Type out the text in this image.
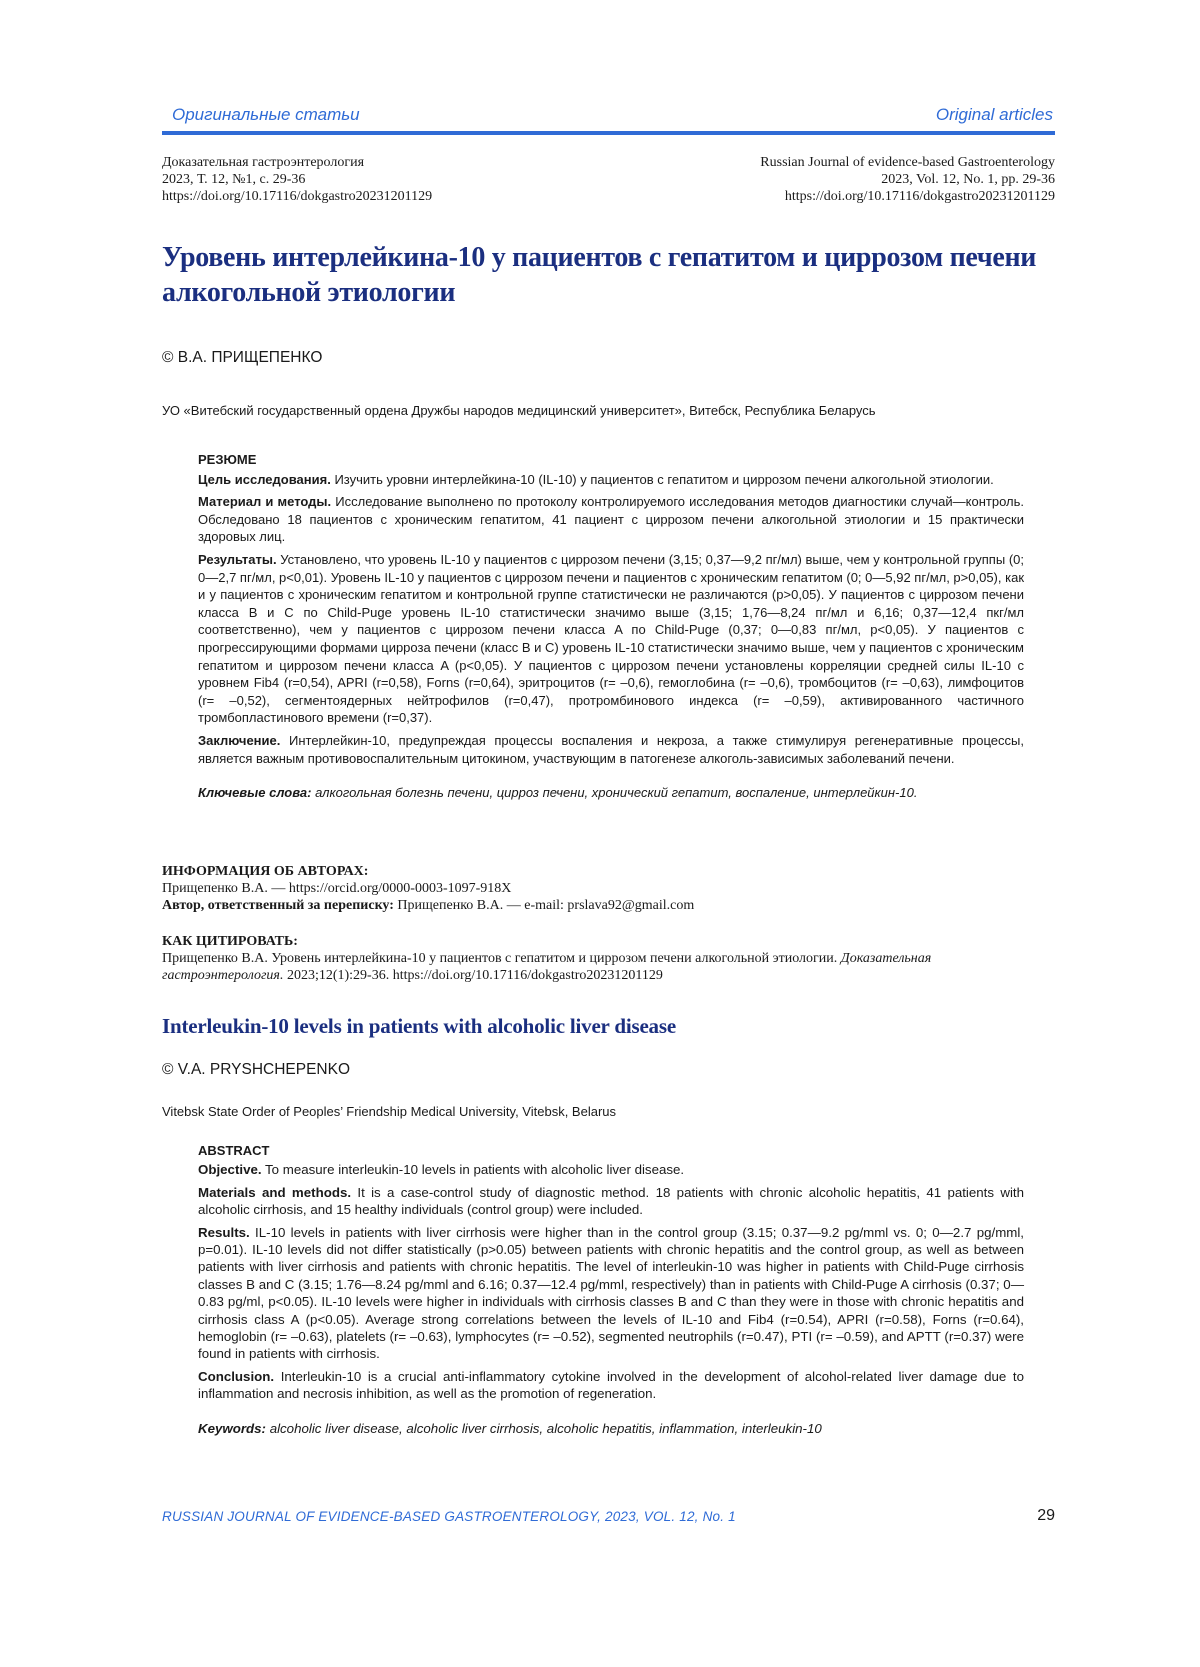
Оригинальные статьи	Original articles
Доказательная гастроэнтерология
2023, Т. 12, №1, с. 29-36
https://doi.org/10.17116/dokgastro20231201129
Russian Journal of evidence-based Gastroenterology
2023, Vol. 12, No. 1, pp. 29-36
https://doi.org/10.17116/dokgastro20231201129
Уровень интерлейкина-10 у пациентов с гепатитом и циррозом печени
алкогольной этиологии
© В.А. ПРИЩЕПЕНКО
УО «Витебский государственный ордена Дружбы народов медицинский университет», Витебск, Республика Беларусь
РЕЗЮМЕ

Цель исследования. Изучить уровни интерлейкина-10 (IL-10) у пациентов с гепатитом и циррозом печени алкогольной этиологии.

Материал и методы. Исследование выполнено по протоколу контролируемого исследования методов диагностики случай—контроль. Обследовано 18 пациентов с хроническим гепатитом, 41 пациент с циррозом печени алкогольной этиологии и 15 практически здоровых лиц.

Результаты. Установлено, что уровень IL-10 у пациентов с циррозом печени (3,15; 0,37—9,2 пг/мл) выше, чем у контрольной группы (0; 0—2,7 пг/мл, p<0,01). Уровень IL-10 у пациентов с циррозом печени и пациентов с хроническим гепатитом (0; 0—5,92 пг/мл, p>0,05), как и у пациентов с хроническим гепатитом и контрольной группе статистически не различаются (p>0,05). У пациентов с циррозом печени класса B и C по Child-Puge уровень IL-10 статистически значимо выше (3,15; 1,76—8,24 пг/мл и 6,16; 0,37—12,4 пкг/мл соответственно), чем у пациентов с циррозом печени класса A по Child-Puge (0,37; 0—0,83 пг/мл, p<0,05). У пациентов с прогрессирующими формами цирроза печени (класс B и C) уровень IL-10 статистически значимо выше, чем у пациентов с хроническим гепатитом и циррозом печени класса A (p<0,05). У пациентов с циррозом печени установлены корреляции средней силы IL-10 с уровнем Fib4 (r=0,54), APRI (r=0,58), Forns (r=0,64), эритроцитов (r= –0,6), гемоглобина (r= –0,6), тромбоцитов (r= –0,63), лимфоцитов (r= –0,52), сегментоядерных нейтрофилов (r=0,47), протромбинового индекса (r= –0,59), активированного частичного тромбопластинового времени (r=0,37).

Заключение. Интерлейкин-10, предупреждая процессы воспаления и некроза, а также стимулируя регенеративные процессы, является важным противовоспалительным цитокином, участвующим в патогенезе алкоголь-зависимых заболеваний печени.

Ключевые слова: алкогольная болезнь печени, цирроз печени, хронический гепатит, воспаление, интерлейкин-10.
ИНФОРМАЦИЯ ОБ АВТОРАХ:
Прищепенко В.А. — https://orcid.org/0000-0003-1097-918X
Автор, ответственный за переписку: Прищепенко В.А. — e-mail: prslava92@gmail.com
КАК ЦИТИРОВАТЬ:
Прищепенко В.А. Уровень интерлейкина-10 у пациентов с гепатитом и циррозом печени алкогольной этиологии. Доказательная гастроэнтерология. 2023;12(1):29‑36. https://doi.org/10.17116/dokgastro20231201129
Interleukin-10 levels in patients with alcoholic liver disease
© V.A. PRYSHCHEPENKO
Vitebsk State Order of Peoples’ Friendship Medical University, Vitebsk, Belarus
ABSTRACT

Objective. To measure interleukin-10 levels in patients with alcoholic liver disease.

Materials and methods. It is a case-control study of diagnostic method. 18 patients with chronic alcoholic hepatitis, 41 patients with alcoholic cirrhosis, and 15 healthy individuals (control group) were included.

Results. IL-10 levels in patients with liver cirrhosis were higher than in the control group (3.15; 0.37—9.2 pg/mml vs. 0; 0—2.7 pg/mml, p=0.01). IL-10 levels did not differ statistically (p>0.05) between patients with chronic hepatitis and the control group, as well as between patients with liver cirrhosis and patients with chronic hepatitis. The level of interleukin-10 was higher in patients with Child-Puge cirrhosis classes B and C (3.15; 1.76—8.24 pg/mml and 6.16; 0.37—12.4 pg/mml, respectively) than in patients with Child-Puge A cirrhosis (0.37; 0—0.83 pg/ml, p<0.05). IL-10 levels were higher in individuals with cirrhosis classes B and C than they were in those with chronic hepatitis and cirrhosis class A (p<0.05). Average strong correlations between the levels of IL-10 and Fib4 (r=0.54), APRI (r=0.58), Forns (r=0.64), hemoglobin (r= –0.63), platelets (r= –0.63), lymphocytes (r= –0.52), segmented neutrophils (r=0.47), PTI (r= –0.59), and APTT (r=0.37) were found in patients with cirrhosis.

Conclusion. Interleukin-10 is a crucial anti-inflammatory cytokine involved in the development of alcohol-related liver damage due to inflammation and necrosis inhibition, as well as the promotion of regeneration.

Keywords: alcoholic liver disease, alcoholic liver cirrhosis, alcoholic hepatitis, inflammation, interleukin-10
RUSSIAN JOURNAL OF EVIDENCE-BASED GASTROENTEROLOGY, 2023, VOL. 12, No. 1	29
